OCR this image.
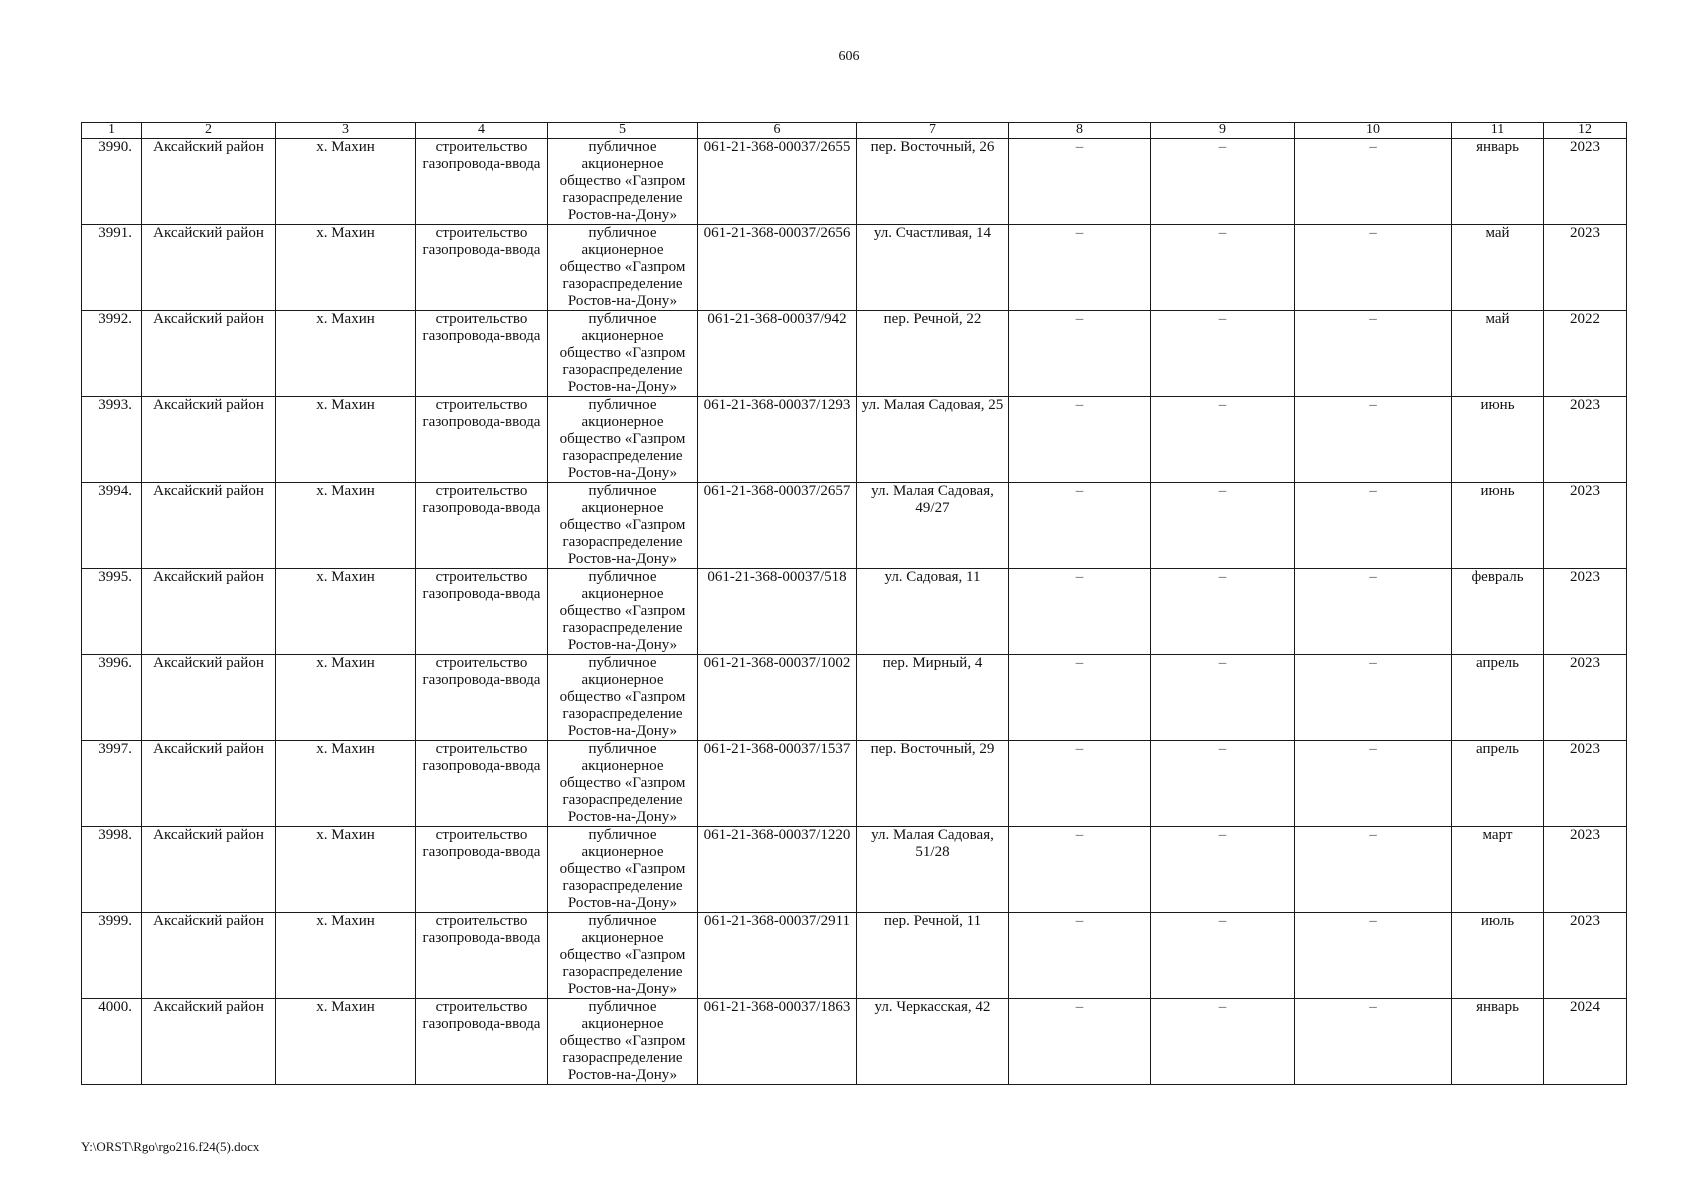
606
1	2	3	4	5	6	7	8	9	10	11	12
3990.	Аксайский район	х. Махин	строительство газопровода-ввода	публичное акционерное общество «Газпром газораспределение Ростов-на-Дону»	061-21-368-00037/2655	пер. Восточный, 26	–	–	–	январь	2023
3991.	Аксайский район	х. Махин	строительство газопровода-ввода	публичное акционерное общество «Газпром газораспределение Ростов-на-Дону»	061-21-368-00037/2656	ул. Счастливая, 14	–	–	–	май	2023
3992.	Аксайский район	х. Махин	строительство газопровода-ввода	публичное акционерное общество «Газпром газораспределение Ростов-на-Дону»	061-21-368-00037/942	пер. Речной, 22	–	–	–	май	2022
3993.	Аксайский район	х. Махин	строительство газопровода-ввода	публичное акционерное общество «Газпром газораспределение Ростов-на-Дону»	061-21-368-00037/1293	ул. Малая Садовая, 25	–	–	–	июнь	2023
3994.	Аксайский район	х. Махин	строительство газопровода-ввода	публичное акционерное общество «Газпром газораспределение Ростов-на-Дону»	061-21-368-00037/2657	ул. Малая Садовая, 49/27	–	–	–	июнь	2023
3995.	Аксайский район	х. Махин	строительство газопровода-ввода	публичное акционерное общество «Газпром газораспределение Ростов-на-Дону»	061-21-368-00037/518	ул. Садовая, 11	–	–	–	февраль	2023
3996.	Аксайский район	х. Махин	строительство газопровода-ввода	публичное акционерное общество «Газпром газораспределение Ростов-на-Дону»	061-21-368-00037/1002	пер. Мирный, 4	–	–	–	апрель	2023
3997.	Аксайский район	х. Махин	строительство газопровода-ввода	публичное акционерное общество «Газпром газораспределение Ростов-на-Дону»	061-21-368-00037/1537	пер. Восточный, 29	–	–	–	апрель	2023
3998.	Аксайский район	х. Махин	строительство газопровода-ввода	публичное акционерное общество «Газпром газораспределение Ростов-на-Дону»	061-21-368-00037/1220	ул. Малая Садовая, 51/28	–	–	–	март	2023
3999.	Аксайский район	х. Махин	строительство газопровода-ввода	публичное акционерное общество «Газпром газораспределение Ростов-на-Дону»	061-21-368-00037/2911	пер. Речной, 11	–	–	–	июль	2023
4000.	Аксайский район	х. Махин	строительство газопровода-ввода	публичное акционерное общество «Газпром газораспределение Ростов-на-Дону»	061-21-368-00037/1863	ул. Черкасская, 42	–	–	–	январь	2024
Y:\ORST\Rgo\rgo216.f24(5).docx
